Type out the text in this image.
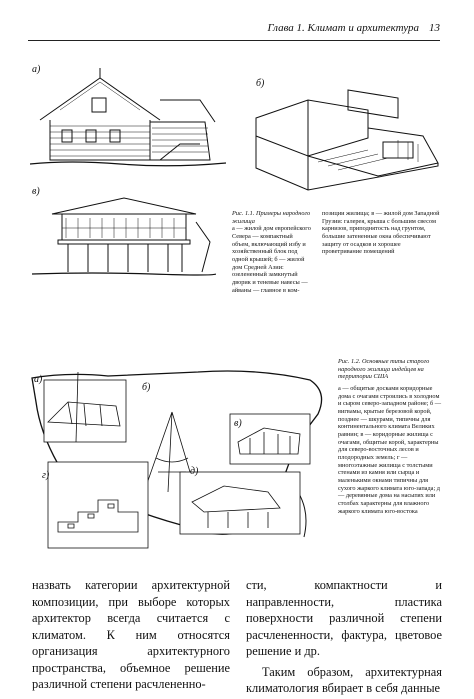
Глава 1. Климат и архитектура 13
а)
б)
в)

Рис. 1.1. Примеры народного жилища

а — жилой дом европейского Севера — компактный объем, включающий избу и хозяйственный блок под одной крышей; б — жилой дом Средней Азии: озелененный замкнутый дворик и теневые навесы — айваны — главное в ком-

позиции жилища; в — жилой дом Западной Грузии: галерея, крыша с большим свесом карнизов, приподнятость над грунтом, большие затененные окна обеспечивают защиту от осадков и хорошее проветривание помещений

а)
б)
в)
г)	д)

Рис. 1.2. Основные типы старого народного жилища индейцев на территории США

а — общитые досками коридорные дома с очагами строились в холодном и сыром северо-западном районе; б — вигвамы, крытые березовой корой, позднее — шкурами, типичны для континентального климата Великих равнин; в — коридорные жилища с очагами, общитые корой, характерны для северо-восточных лесов и плодородных земель; г — многоэтажные жилища с толстыми стенами из камня или сырца и маленькими окнами типичны для сухого жаркого климата юго-запада; д — деревянные дома на насыпях или столбах характерны для влажного жаркого климата юго-востока

назвать категории архитектурной композиции, при выборе которых архитектор всегда считается с климатом. К ним относятся организация архитектурного пространства, объемное решение различной степени расчлененно-

сти, компактности и направленности, пластика поверхности различной степени расчлененности, фактура, цветовое решение и др.

Таким образом, архитектурная климатология вбирает в себя данные
